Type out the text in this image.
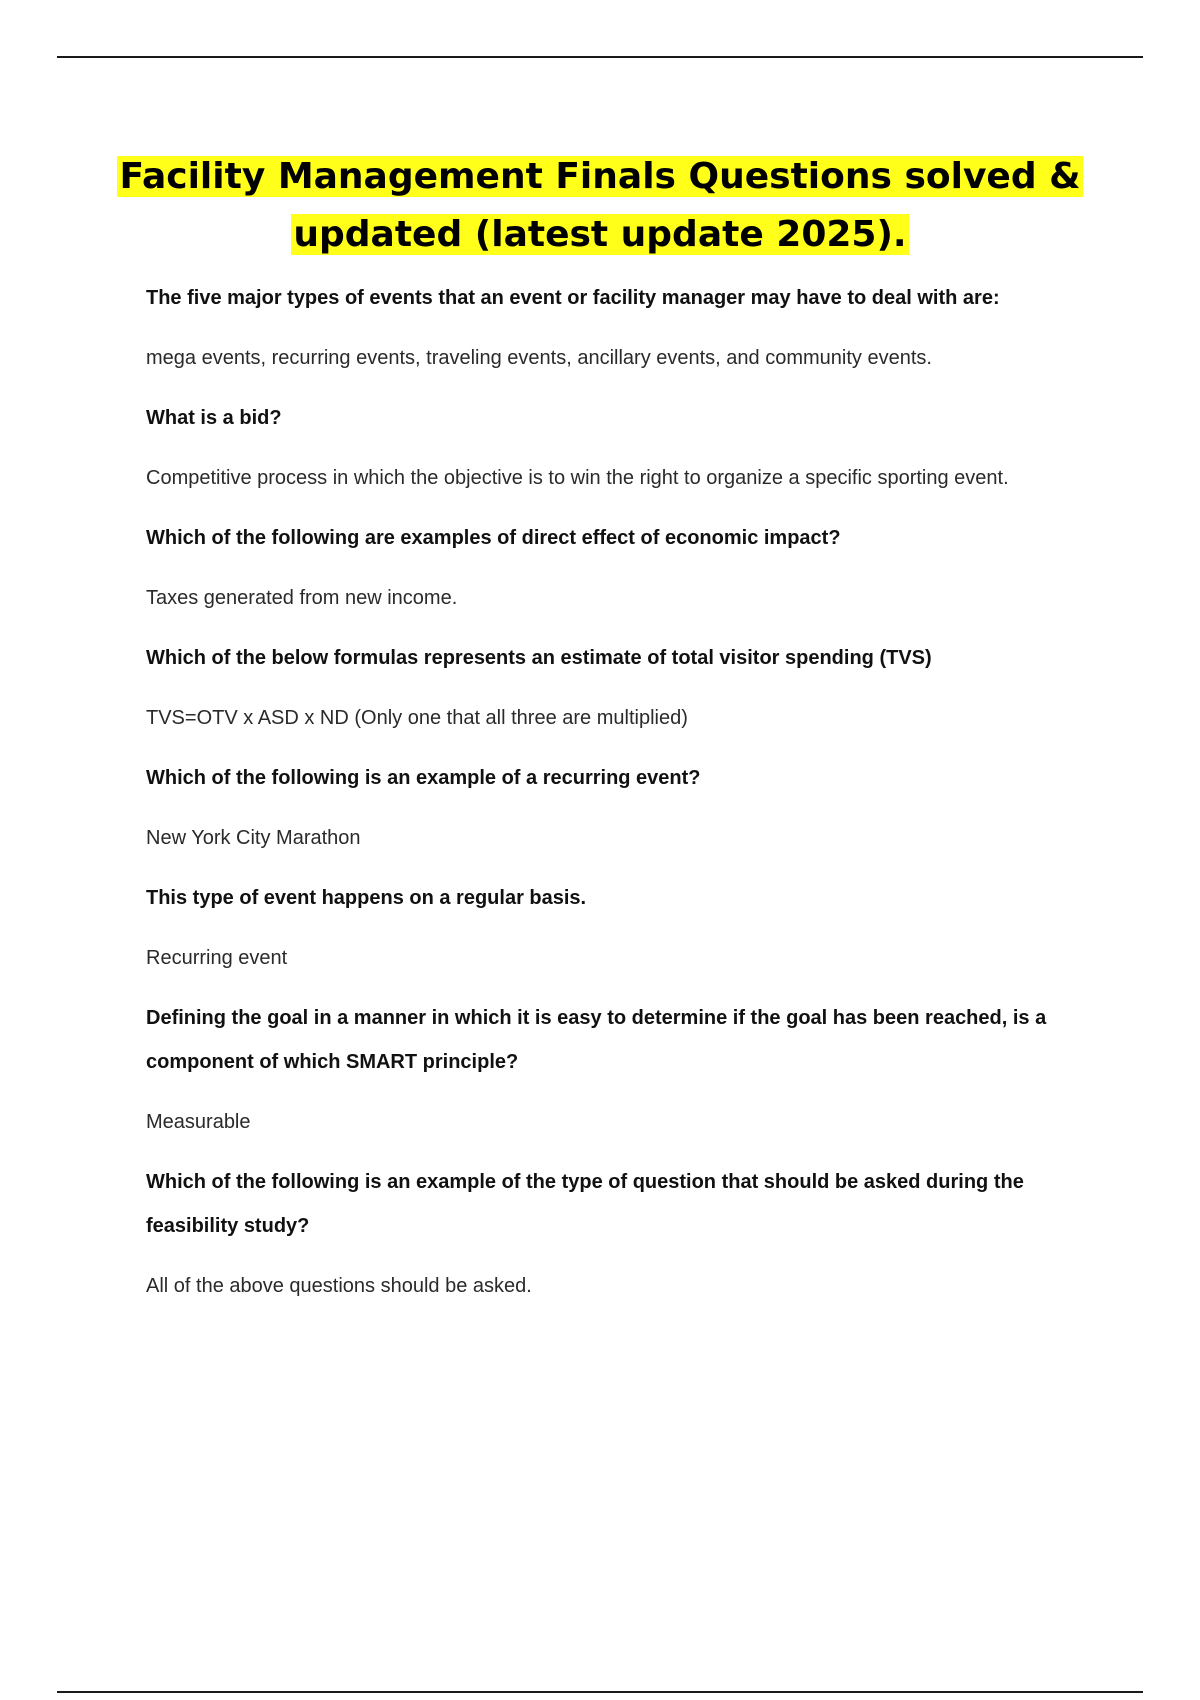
Facility Management Finals Questions solved &
updated (latest update 2025).

The five major types of events that an event or facility manager may have to deal with are:

mega events, recurring events, traveling events, ancillary events, and community events.

What is a bid?

Competitive process in which the objective is to win the right to organize a specific sporting event.

Which of the following are examples of direct effect of economic impact?

Taxes generated from new income.

Which of the below formulas represents an estimate of total visitor spending (TVS)

TVS=OTV x ASD x ND (Only one that all three are multiplied)

Which of the following is an example of a recurring event?

New York City Marathon

This type of event happens on a regular basis.

Recurring event

Defining the goal in a manner in which it is easy to determine if the goal has been reached, is a component of which SMART principle?

Measurable

Which of the following is an example of the type of question that should be asked during the feasibility study?

All of the above questions should be asked.
